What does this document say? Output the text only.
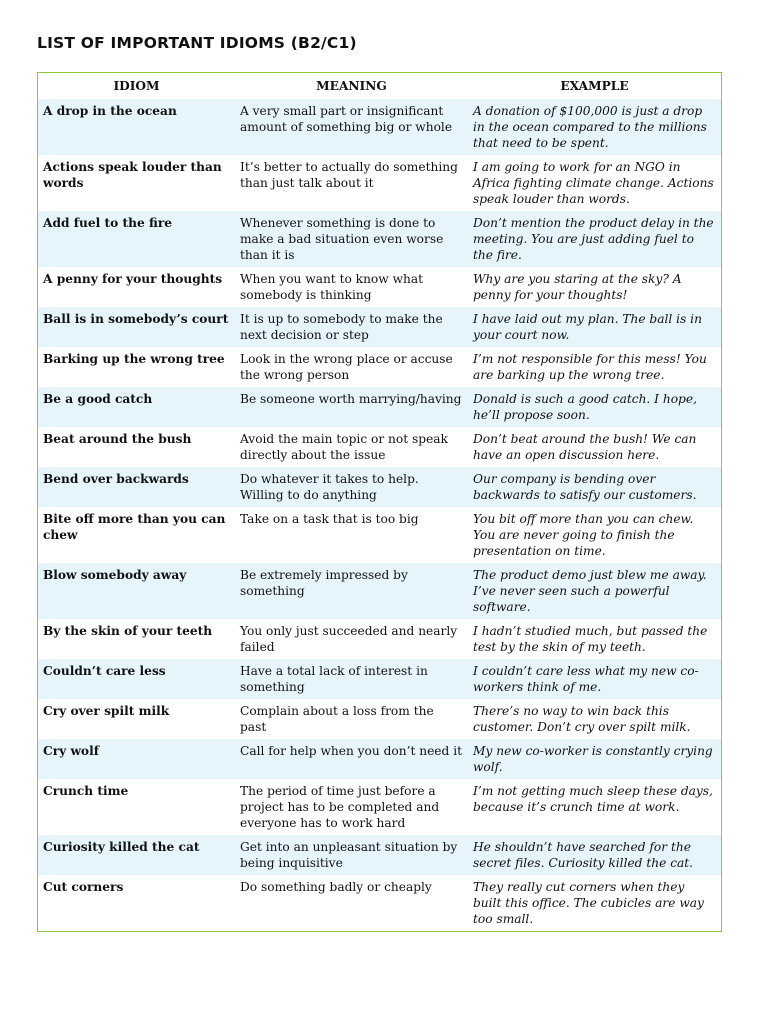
LIST OF IMPORTANT IDIOMS (B2/C1)
IDIOM	MEANING	EXAMPLE
A drop in the ocean	A very small part or insignificant amount of something big or whole	A donation of $100,000 is just a drop in the ocean compared to the millions that need to be spent.
Actions speak louder than words	It’s better to actually do something than just talk about it	I am going to work for an NGO in Africa fighting climate change. Actions speak louder than words.
Add fuel to the fire	Whenever something is done to make a bad situation even worse than it is	Don’t mention the product delay in the meeting. You are just adding fuel to the fire.
A penny for your thoughts	When you want to know what somebody is thinking	Why are you staring at the sky? A penny for your thoughts!
Ball is in somebody’s court	It is up to somebody to make the next decision or step	I have laid out my plan. The ball is in your court now.
Barking up the wrong tree	Look in the wrong place or accuse the wrong person	I’m not responsible for this mess! You are barking up the wrong tree.
Be a good catch	Be someone worth marrying/having	Donald is such a good catch. I hope, he’ll propose soon.
Beat around the bush	Avoid the main topic or not speak directly about the issue	Don’t beat around the bush! We can have an open discussion here.
Bend over backwards	Do whatever it takes to help. Willing to do anything	Our company is bending over backwards to satisfy our customers.
Bite off more than you can chew	Take on a task that is too big	You bit off more than you can chew. You are never going to finish the presentation on time.
Blow somebody away	Be extremely impressed by something	The product demo just blew me away. I’ve never seen such a powerful software.
By the skin of your teeth	You only just succeeded and nearly failed	I hadn’t studied much, but passed the test by the skin of my teeth.
Couldn’t care less	Have a total lack of interest in something	I couldn’t care less what my new co-workers think of me.
Cry over spilt milk	Complain about a loss from the past	There’s no way to win back this customer. Don’t cry over spilt milk.
Cry wolf	Call for help when you don’t need it	My new co-worker is constantly crying wolf.
Crunch time	The period of time just before a project has to be completed and everyone has to work hard	I’m not getting much sleep these days, because it’s crunch time at work.
Curiosity killed the cat	Get into an unpleasant situation by being inquisitive	He shouldn’t have searched for the secret files. Curiosity killed the cat.
Cut corners	Do something badly or cheaply	They really cut corners when they built this office. The cubicles are way too small.
